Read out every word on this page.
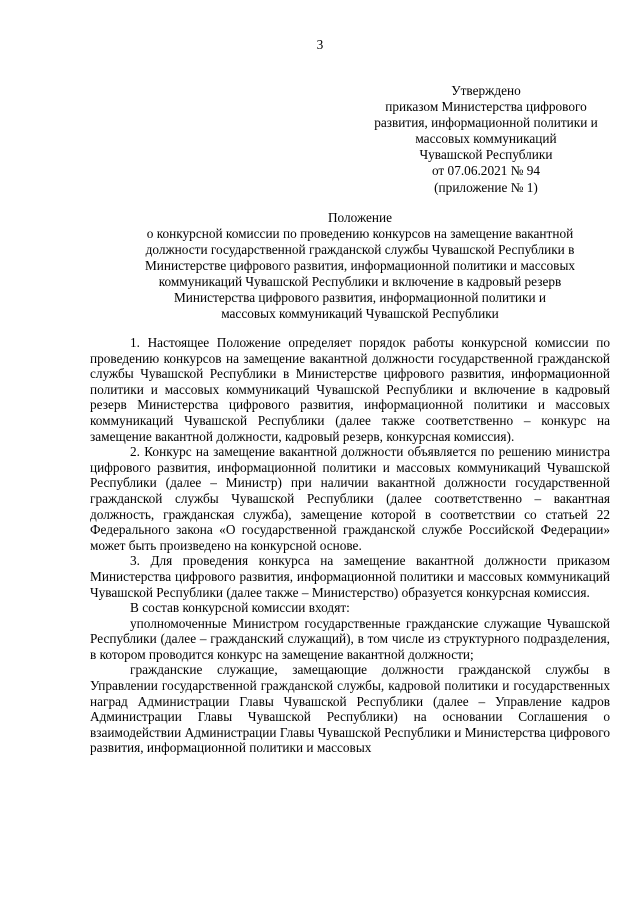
3
Утверждено
приказом Министерства цифрового
развития, информационной политики и
массовых коммуникаций
Чувашской Республики
от 07.06.2021 № 94
(приложение № 1)
Положение
о конкурсной комиссии по проведению конкурсов на замещение вакантной
должности государственной гражданской службы Чувашской Республики в
Министерстве цифрового развития, информационной политики и массовых
коммуникаций Чувашской Республики и включение в кадровый резерв
Министерства цифрового развития, информационной политики и
массовых коммуникаций Чувашской Республики

1. Настоящее Положение определяет порядок работы конкурсной комиссии по проведению конкурсов на замещение вакантной должности государственной гражданской службы Чувашской Республики в Министерстве цифрового развития, информационной политики и массовых коммуникаций Чувашской Республики и включение в кадровый резерв Министерства цифрового развития, информационной политики и массовых коммуникаций Чувашской Республики (далее также соответственно – конкурс на замещение вакантной должности, кадровый резерв, конкурсная комиссия).

2. Конкурс на замещение вакантной должности объявляется по решению министра цифрового развития, информационной политики и массовых коммуникаций Чувашской Республики (далее – Министр) при наличии вакантной должности государственной гражданской службы Чувашской Республики (далее соответственно – вакантная должность, гражданская служба), замещение которой в соответствии со статьей 22 Федерального закона «О государственной гражданской службе Российской Федерации» может быть произведено на конкурсной основе.

3. Для проведения конкурса на замещение вакантной должности приказом Министерства цифрового развития, информационной политики и массовых коммуникаций Чувашской Республики (далее также – Министерство) образуется конкурсная комиссия.

В состав конкурсной комиссии входят:

уполномоченные Министром государственные гражданские служащие Чувашской Республики (далее – гражданский служащий), в том числе из структурного подразделения, в котором проводится конкурс на замещение вакантной должности;

гражданские служащие, замещающие должности гражданской службы в Управлении государственной гражданской службы, кадровой политики и государственных наград Администрации Главы Чувашской Республики (далее – Управление кадров Администрации Главы Чувашской Республики) на основании Соглашения о взаимодействии Администрации Главы Чувашской Республики и Министерства цифрового развития, информационной политики и массовых
